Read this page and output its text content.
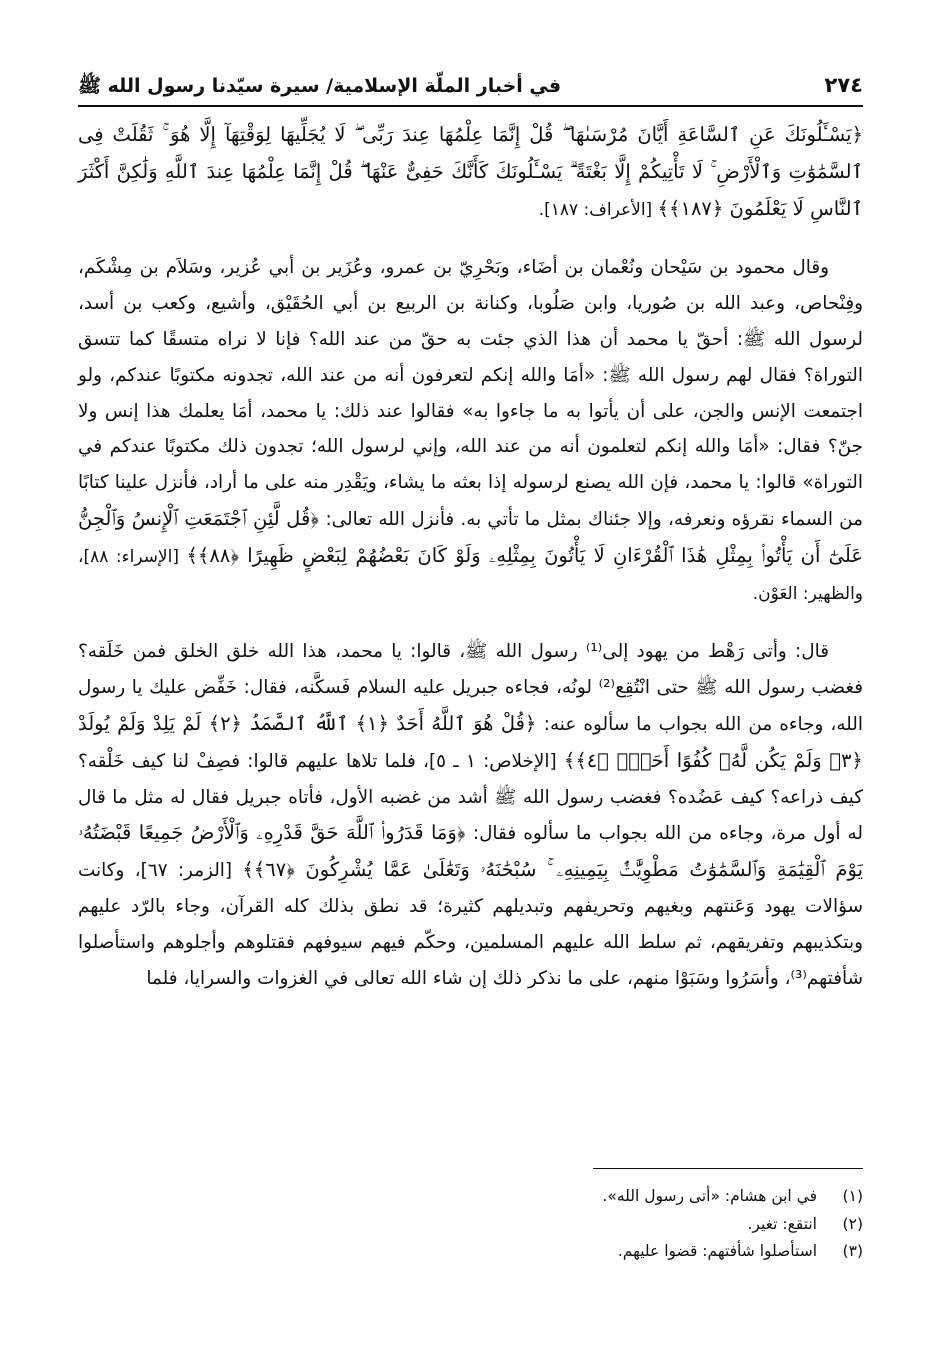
٢٧٤
في أخبار الملّة الإسلامية/ سيرة سيّدنا رسول الله ﷺ

﴿يَسْـَٔلُونَكَ عَنِ ٱلسَّاعَةِ أَيَّانَ مُرْسَىٰهَا ۖ قُلْ إِنَّمَا عِلْمُهَا عِندَ رَبِّى ۖ لَا يُجَلِّيهَا لِوَقْتِهَآ إِلَّا هُوَ ۚ ثَقُلَتْ فِى ٱلسَّمَٰوَٰتِ وَٱلْأَرْضِ ۚ لَا تَأْتِيكُمْ إِلَّا بَغْتَةً ۗ يَسْـَٔلُونَكَ كَأَنَّكَ حَفِىٌّ عَنْهَا ۖ قُلْ إِنَّمَا عِلْمُهَا عِندَ ٱللَّهِ وَلَٰكِنَّ أَكْثَرَ ٱلنَّاسِ لَا يَعْلَمُونَ ﴿١٨٧﴾﴾ [الأعراف: ١٨٧].

وقال محمود بن سَيْحان ونُعْمان بن أضَاء، وبَحْرِيّ بن عمرو، وعُزَير بن أبي عُزير، وسَلاَم بن مِشْكَم، وفِنْحاص، وعبد الله بن صُوريا، وابن صَلُوبا، وكنانة بن الربيع بن أبي الحُقَيْق، وأشيع، وكعب بن أسد، لرسول الله ﷺ: أحقّ يا محمد أن هذا الذي جئت به حقّ من عند الله؟ فإنا لا نراه متسقًا كما تتسق التوراة؟ فقال لهم رسول الله ﷺ: «أمَا والله إنكم لتعرفون أنه من عند الله، تجدونه مكتوبًا عندكم، ولو اجتمعت الإنس والجن، على أن يأتوا به ما جاءوا به» فقالوا عند ذلك: يا محمد، أمَا يعلمك هذا إنس ولا جنّ؟ فقال: «أمَا والله إنكم لتعلمون أنه من عند الله، وإني لرسول الله؛ تجدون ذلك مكتوبًا عندكم في التوراة» قالوا: يا محمد، فإن الله يصنع لرسوله إذا بعثه ما يشاء، ويَقْدِر منه على ما أراد، فأنزل علينا كتابًا من السماء نقرؤه ونعرفه، وإلا جئناك بمثل ما تأتي به. فأنزل الله تعالى: ﴿قُل لَّئِنِ ٱجْتَمَعَتِ ٱلْإِنسُ وَٱلْجِنُّ عَلَىٰٓ أَن يَأْتُوا۟ بِمِثْلِ هَٰذَا ٱلْقُرْءَانِ لَا يَأْتُونَ بِمِثْلِهِۦ وَلَوْ كَانَ بَعْضُهُمْ لِبَعْضٍ ظَهِيرًا ﴿٨٨﴾﴾ [الإسراء: ٨٨]، والظهير: العَوْن.

قال: وأتى رَهْط من يهود إلى⁽¹⁾ رسول الله ﷺ، قالوا: يا محمد، هذا الله خلق الخلق فمن خَلَقه؟ فغضب رسول الله ﷺ حتى انْتُقِع⁽²⁾ لونُه، فجاءه جبريل عليه السلام فَسكَّنه، فقال: خَفِّض عليك يا رسول الله، وجاءه من الله بجواب ما سألوه عنه: ﴿قُلْ هُوَ ٱللَّهُ أَحَدٌ ﴿١﴾ ٱللَّهُ ٱلصَّمَدُ ﴿٢﴾ لَمْ يَلِدْ وَلَمْ يُولَدْ ﴿٣﴾ وَلَمْ يَكُن لَّهُۥ كُفُوًا أَحَدٌۢ ﴿٤﴾﴾ [الإخلاص: ١ ـ ٥]، فلما تلاها عليهم قالوا: فصِفْ لنا كيف خَلْقه؟ كيف ذراعه؟ كيف عَضُده؟ فغضب رسول الله ﷺ أشد من غضبه الأول، فأتاه جبريل فقال له مثل ما قال له أول مرة، وجاءه من الله بجواب ما سألوه فقال: ﴿وَمَا قَدَرُوا۟ ٱللَّهَ حَقَّ قَدْرِهِۦ وَٱلْأَرْضُ جَمِيعًا قَبْضَتُهُۥ يَوْمَ ٱلْقِيَٰمَةِ وَٱلسَّمَٰوَٰتُ مَطْوِيَّٰتٌۢ بِيَمِينِهِۦ ۚ سُبْحَٰنَهُۥ وَتَعَٰلَىٰ عَمَّا يُشْرِكُونَ ﴿٦٧﴾﴾ [الزمر: ٦٧]، وكانت سؤالات يهود وَعَنتهم وبغيهم وتحريفهم وتبديلهم كثيرة؛ قد نطق بذلك كله القرآن، وجاء بالرّد عليهم وبتكذيبهم وتفريقهم، ثم سلط الله عليهم المسلمين، وحكّم فيهم سيوفهم فقتلوهم وأجلوهم واستأصلوا شأفتهم⁽³⁾، وأسَرُوا وسَبَوْا منهم، على ما نذكر ذلك إن شاء الله تعالى في الغزوات والسرايا، فلما

(١)
في ابن هشام: «أتى رسول الله».
(٢)
انتقع: تغير.
(٣)
استأصلوا شأفتهم: قضوا عليهم.
